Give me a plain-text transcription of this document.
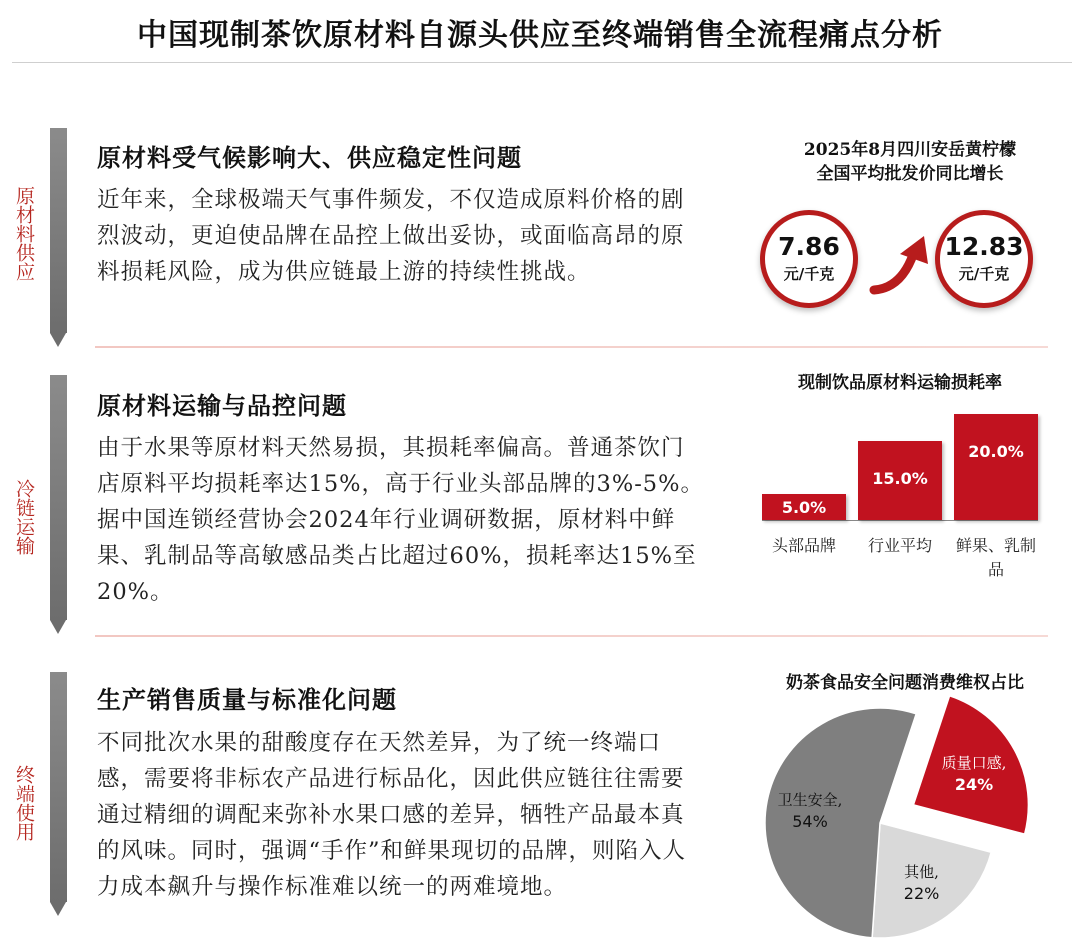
中国现制茶饮原材料自源头供应至终端销售全流程痛点分析
原材料供应
原材料受气候影响大、供应稳定性问题
近年来，全球极端天气事件频发，不仅造成原料价格的剧烈波动，更迫使品牌在品控上做出妥协，或面临高昂的原料损耗风险，成为供应链最上游的持续性挑战。
2025年8月四川安岳黄柠檬
全国平均批发价同比增长
7.86
元/千克
12.83
元/千克
冷链运输
原材料运输与品控问题
由于水果等原材料天然易损，其损耗率偏高。普通茶饮门店原料平均损耗率达15%，高于行业头部品牌的3%-5%。据中国连锁经营协会2024年行业调研数据，原材料中鲜果、乳制品等高敏感品类占比超过60%，损耗率达15%至20%。
现制饮品原材料运输损耗率
5.0%
头部品牌
15.0%
行业平均
20.0%
鲜果、乳制品
终端使用
生产销售质量与标准化问题
不同批次水果的甜酸度存在天然差异，为了统一终端口感，需要将非标农产品进行标品化，因此供应链往往需要通过精细的调配来弥补水果口感的差异，牺牲产品最本真的风味。同时，强调“手作”和鲜果现切的品牌，则陷入人力成本飙升与操作标准难以统一的两难境地。
奶茶食品安全问题消费维权占比
质量口感,
24%
其他,
22%
卫生安全,
54%
